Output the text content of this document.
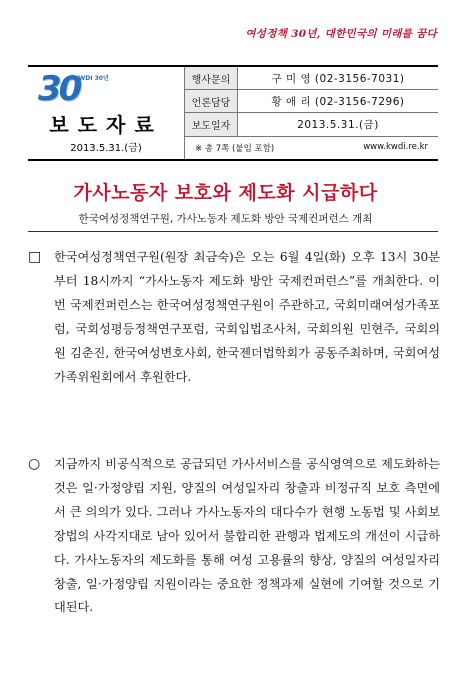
여성정책 30년, 대한민국의 미래를 꿈다
30
KWDI 30년
보도자료
2013.5.31.(금)
행사문의	구 미 영 (02-3156-7031)
언론담당	황 애 리 (02-3156-7296)
보도일자	2013.5.31.(금)

※ 총 7쪽 (붙임 포함) www.kwdi.re.kr	
가사노동자 보호와 제도화 시급하다
한국여성정책연구원, 가사노동자 제도화 방안 국제컨퍼런스 개최
□ 한국여성정책연구원(원장 최금숙)은 오는 6월 4일(화) 오후 13시 30분부터 18시까지 “가사노동자 제도화 방안 국제컨퍼런스”를 개최한다. 이번 국제컨퍼런스는 한국여성정책연구원이 주관하고, 국회미래여성가족포럼, 국회성평등정책연구포럼, 국회입법조사처, 국회의원 민현주, 국회의원 김춘진, 한국여성변호사회, 한국젠더법학회가 공동주최하며, 국회여성가족위원회에서 후원한다.
○ 지금까지 비공식적으로 공급되던 가사서비스를 공식영역으로 제도화하는 것은 일·가정양립 지원, 양질의 여성일자리 창출과 비정규직 보호 측면에서 큰 의의가 있다. 그러나 가사노동자의 대다수가 현행 노동법 및 사회보장법의 사각지대로 남아 있어서 불합리한 관행과 법제도의 개선이 시급하다. 가사노동자의 제도화를 통해 여성 고용률의 향상, 양질의 여성일자리 창출, 일·가정양립 지원이라는 중요한 정책과제 실현에 기여할 것으로 기대된다.
